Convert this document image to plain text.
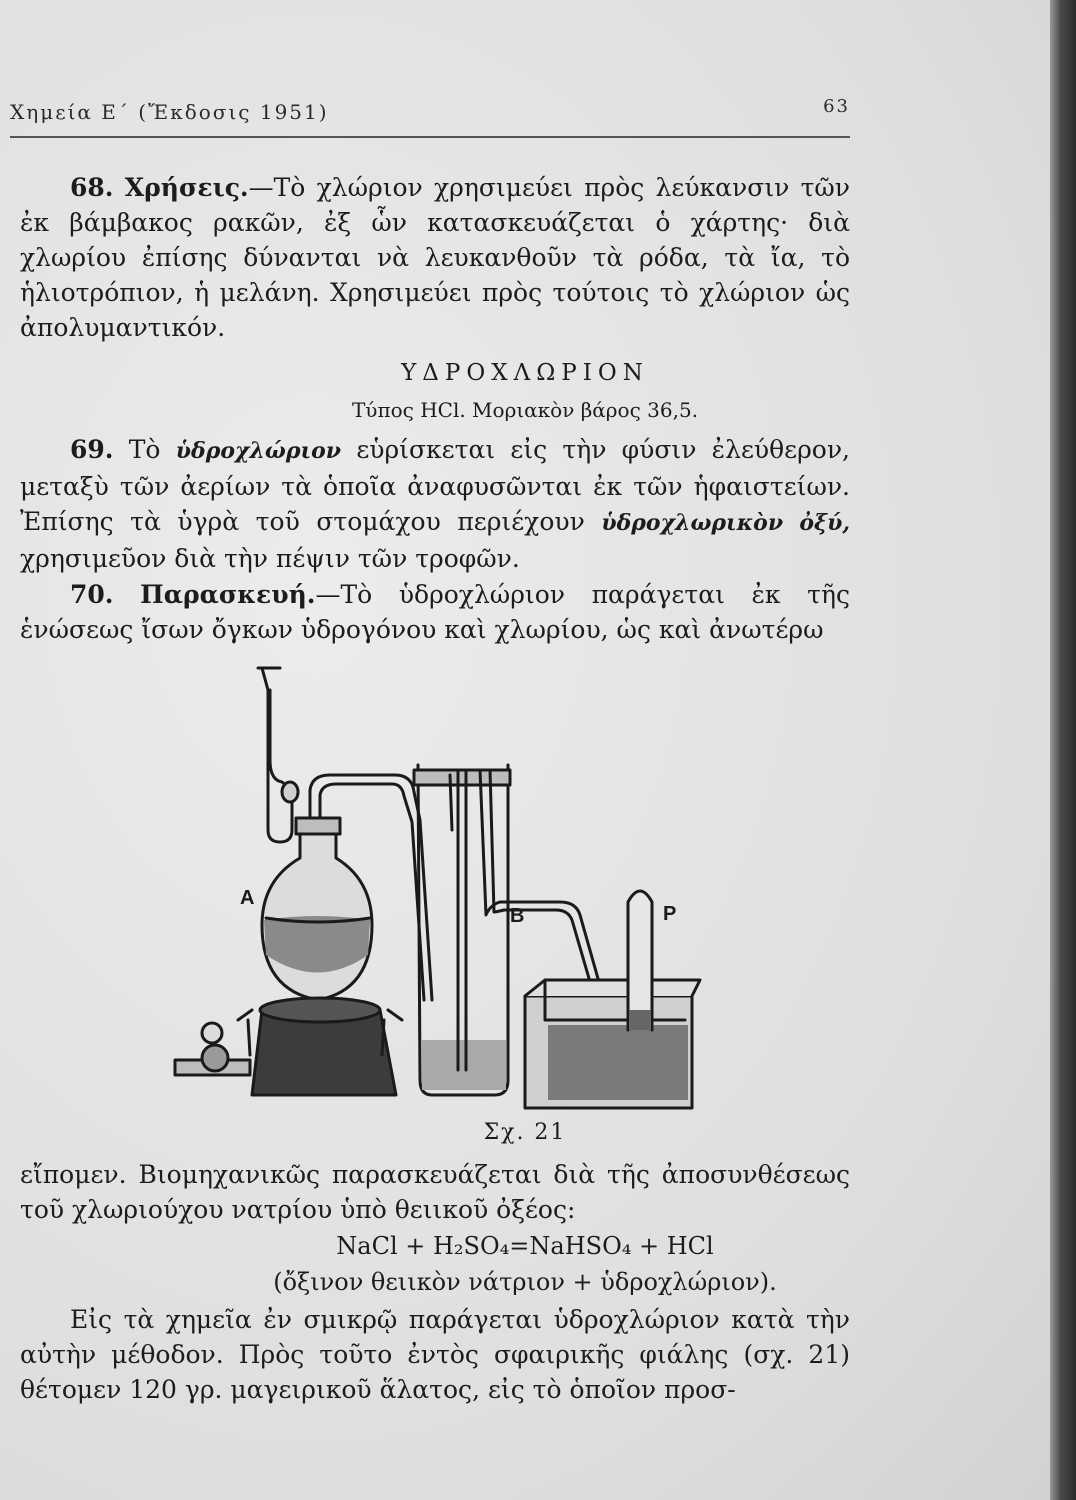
Χημεία Ε΄ (Ἔκδοσις 1951)	63

68. Χρήσεις.—Τὸ χλώριον χρησιμεύει πρὸς λεύκανσιν τῶν ἐκ βάμβακος ρακῶν, ἐξ ὧν κατασκευάζεται ὁ χάρτης· διὰ χλωρίου ἐπίσης δύνανται νὰ λευκανθοῦν τὰ ρόδα, τὰ ἴα, τὸ ἡλιοτρόπιον, ἡ μελάνη. Χρησιμεύει πρὸς τούτοις τὸ χλώριον ὡς ἀπολυμαντικόν.

ΥΔΡΟΧΛΩΡΙΟΝ
Τύπος HCl. Μοριακὸν βάρος 36,5.

69. Τὸ ὑδροχλώριον εὑρίσκεται εἰς τὴν φύσιν ἐλεύθερον, μεταξὺ τῶν ἀερίων τὰ ὁποῖα ἀναφυσῶνται ἐκ τῶν ἡφαιστείων. Ἐπίσης τὰ ὑγρὰ τοῦ στομάχου περιέχουν ὑδροχλωρικὸν ὀξύ, χρησιμεῦον διὰ τὴν πέψιν τῶν τροφῶν.

70. Παρασκευή.—Τὸ ὑδροχλώριον παράγεται ἐκ τῆς ἑνώσεως ἴσων ὄγκων ὑδρογόνου καὶ χλωρίου, ὡς καὶ ἀνωτέρω

A
B	P
Σχ. 21

εἴπομεν. Βιομηχανικῶς παρασκευάζεται διὰ τῆς ἀποσυνθέσεως τοῦ χλωριούχου νατρίου ὑπὸ θειικοῦ ὀξέος:

NaCl + H₂SO₄=NaHSO₄ + HCl
(ὄξινον θειικὸν νάτριον + ὑδροχλώριον).

Εἰς τὰ χημεῖα ἐν σμικρῷ παράγεται ὑδροχλώριον κατὰ τὴν αὐτὴν μέθοδον. Πρὸς τοῦτο ἐντὸς σφαιρικῆς φιάλης (σχ. 21) θέτομεν 120 γρ. μαγειρικοῦ ἅλατος, εἰς τὸ ὁποῖον προσ-
